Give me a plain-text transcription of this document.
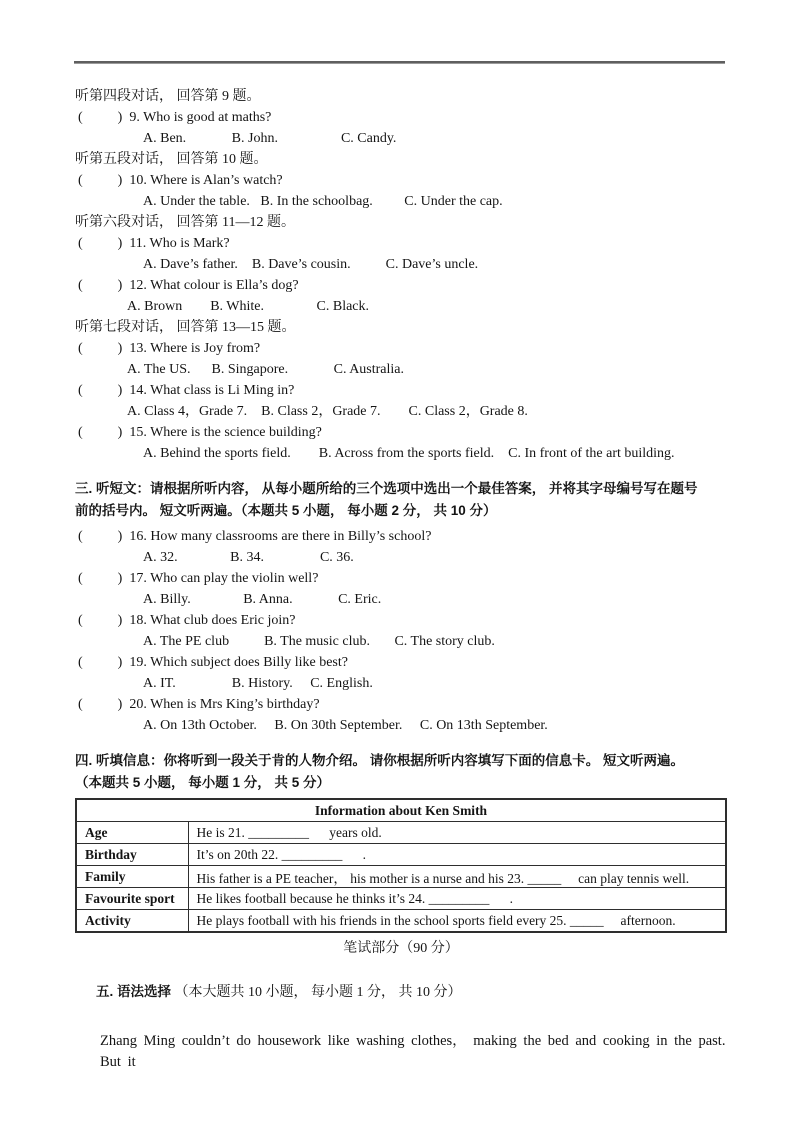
听第四段对话， 回答第 9 题。
(          )  9. Who is good at maths?
A. Ben.             B. John.                  C. Candy.
听第五段对话， 回答第 10 题。
(          )  10. Where is Alan’s watch?
A. Under the table.   B. In the schoolbag.         C. Under the cap.
听第六段对话， 回答第 11—12 题。
(          )  11. Who is Mark?
A. Dave’s father.    B. Dave’s cousin.          C. Dave’s uncle.
(          )  12. What colour is Ella’s dog?
A. Brown        B. White.               C. Black.
听第七段对话， 回答第 13—15 题。
(          )  13. Where is Joy from?
A. The US.      B. Singapore.             C. Australia.
(          )  14. What class is Li Ming in?
A. Class 4，Grade 7.    B. Class 2，Grade 7.        C. Class 2，Grade 8.
(          )  15. Where is the science building?
A. Behind the sports field.        B. Across from the sports field.    C. In front of the art building.
三. 听短文：请根据所听内容， 从每小题所给的三个选项中选出一个最佳答案， 并将其字母编号写在题号
前的括号内。 短文听两遍。（本题共 5 小题， 每小题 2 分， 共 10 分）
(          )  16. How many classrooms are there in Billy’s school?
A. 32.               B. 34.                C. 36.
(          )  17. Who can play the violin well?
A. Billy.               B. Anna.             C. Eric.
(          )  18. What club does Eric join?
A. The PE club          B. The music club.       C. The story club.
(          )  19. Which subject does Billy like best?
A. IT.                B. History.     C. English.
(          )  20. When is Mrs King’s birthday?
A. On 13th October.     B. On 30th September.     C. On 13th September.
四. 听填信息：你将听到一段关于肯的人物介绍。 请你根据所听内容填写下面的信息卡。 短文听两遍。
（本题共 5 小题， 每小题 1 分， 共 5 分）
Information about Ken Smith	
Age	He is 21. _________      years old.
Birthday	It’s on 20th 22. _________      .
Family	His father is a PE teacher， his mother is a nurse and his 23. _____     can play tennis well.
Favourite sport	He likes football because he thinks it’s 24. _________      .
Activity	He plays football with his friends in the school sports field every 25. _____     afternoon.
笔试部分（90 分）

五. 语法选择 （本大题共 10 小题， 每小题 1 分， 共 10 分）

Zhang Ming couldn’t do housework like washing clothes， making the bed and cooking in the past. But it
